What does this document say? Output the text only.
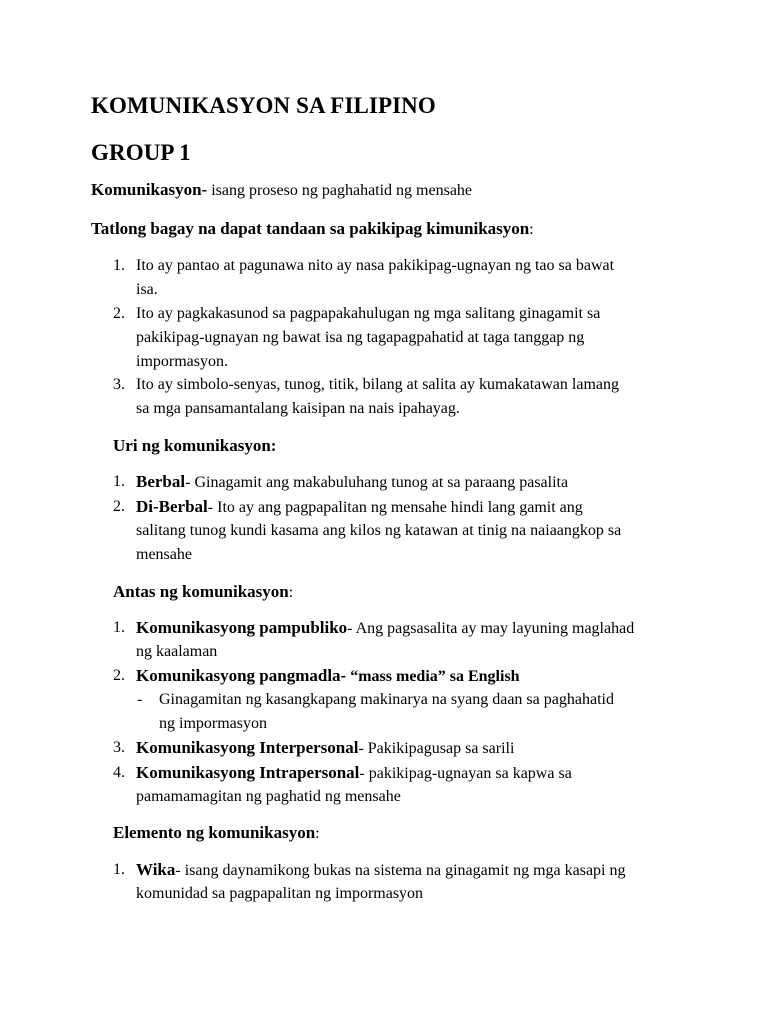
KOMUNIKASYON SA FILIPINO
GROUP 1
Komunikasyon- isang proseso ng paghahatid ng mensahe
Tatlong bagay na dapat tandaan sa pakikipag kimunikasyon:
1. Ito ay pantao at pagunawa nito ay nasa pakikipag-ugnayan ng tao sa bawat
isa.
2. Ito ay pagkakasunod sa pagpapakahulugan ng mga salitang ginagamit sa
pakikipag-ugnayan ng bawat isa ng tagapagpahatid at taga tanggap ng
impormasyon.
3. Ito ay simbolo-senyas, tunog, titik, bilang at salita ay kumakatawan lamang
sa mga pansamantalang kaisipan na nais ipahayag.
Uri ng komunikasyon:
1. Berbal- Ginagamit ang makabuluhang tunog at sa paraang pasalita
2. Di-Berbal- Ito ay ang pagpapalitan ng mensahe hindi lang gamit ang
salitang tunog kundi kasama ang kilos ng katawan at tinig na naiaangkop sa
mensahe
Antas ng komunikasyon:
1. Komunikasyong pampubliko- Ang pagsasalita ay may layuning maglahad
ng kaalaman
2. Komunikasyong pangmadla- “mass media” sa English
- Ginagamitan ng kasangkapang makinarya na syang daan sa paghahatid
ng impormasyon
3. Komunikasyong Interpersonal- Pakikipagusap sa sarili
4. Komunikasyong Intrapersonal- pakikipag-ugnayan sa kapwa sa
pamamamagitan ng paghatid ng mensahe
Elemento ng komunikasyon:
1. Wika- isang daynamikong bukas na sistema na ginagamit ng mga kasapi ng
komunidad sa pagpapalitan ng impormasyon
